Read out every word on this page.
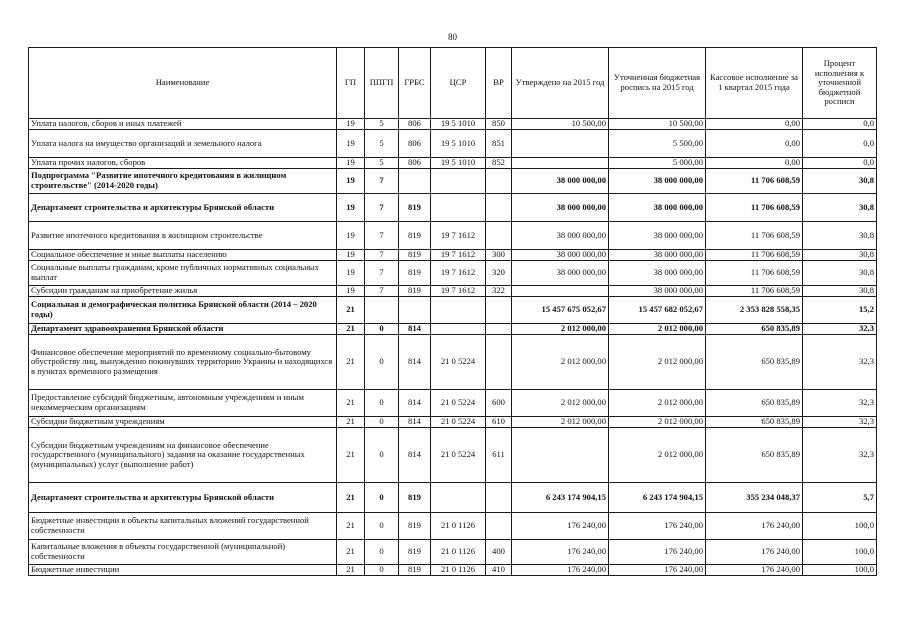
80
Наименование	ГП	ППГП	ГРБС	ЦСР	ВР	Утверждено на 2015 год	Уточненная бюджетная роспись на 2015 год	Кассовое исполнение за 1 квартал 2015 года	Процент исполнения к уточненной бюджетной росписи
Уплата налогов, сборов и иных платежей	19	5	806	19 5 1010	850	10 500,00	10 500,00	0,00	0,0
Уплата налога на имущество организаций и земельного налога	19	5	806	19 5 1010	851		5 500,00	0,00	0,0
Уплата прочих налогов, сборов	19	5	806	19 5 1010	852		5 000,00	0,00	0,0
Подпрограмма "Развитие ипотечного кредитования в жилищном строительстве" (2014-2020 годы)	19	7				38 000 000,00	38 000 000,00	11 706 608,59	30,8
Департамент строительства и архитектуры Брянской области	19	7	819			38 000 000,00	38 000 000,00	11 706 608,59	30,8
Развитие ипотечного кредитования в жилищном строительстве	19	7	819	19 7 1612		38 000 000,00	38 000 000,00	11 706 608,59	30,8
Социальное обеспечение и иные выплаты населению	19	7	819	19 7 1612	300	38 000 000,00	38 000 000,00	11 706 608,59	30,8
Социальные выплаты гражданам, кроме публичных нормативных социальных выплат	19	7	819	19 7 1612	320	38 000 000,00	38 000 000,00	11 706 608,59	30,8
Субсидии гражданам на приобретение жилья	19	7	819	19 7 1612	322		38 000 000,00	11 706 608,59	30,8
Социальная и демографическая политика Брянской области (2014 – 2020 годы)	21					15 457 675 052,67	15 457 682 052,67	2 353 828 558,35	15,2
Департамент здравоохранения Брянской области	21	0	814			2 012 000,00	2 012 000,00	650 835,89	32,3
Финансовое обеспечение мероприятий по временному социально-бытовому обустройству лиц, вынужденно покинувших территорию Украины и находящихся в пунктах временного размещения	21	0	814	21 0 5224		2 012 000,00	2 012 000,00	650 835,89	32,3
Предоставление субсидий бюджетным, автономным учреждениям и иным некоммерческим организациям	21	0	814	21 0 5224	600	2 012 000,00	2 012 000,00	650 835,89	32,3
Субсидии бюджетным учреждениям	21	0	814	21 0 5224	610	2 012 000,00	2 012 000,00	650 835,89	32,3
Субсидии бюджетным учреждениям на финансовое обеспечение государственного (муниципального) задания на оказание государственных (муниципальных) услуг (выполнение работ)	21	0	814	21 0 5224	611		2 012 000,00	650 835,89	32,3
Департамент строительства и архитектуры Брянской области	21	0	819			6 243 174 904,15	6 243 174 904,15	355 234 048,37	5,7
Бюджетные инвестиции в объекты капитальных вложений государственной собственности	21	0	819	21 0 1126		176 240,00	176 240,00	176 240,00	100,0
Капитальные вложения в объекты государственной (муниципальной) собственности	21	0	819	21 0 1126	400	176 240,00	176 240,00	176 240,00	100,0
Бюджетные инвестиции	21	0	819	21 0 1126	410	176 240,00	176 240,00	176 240,00	100,0
